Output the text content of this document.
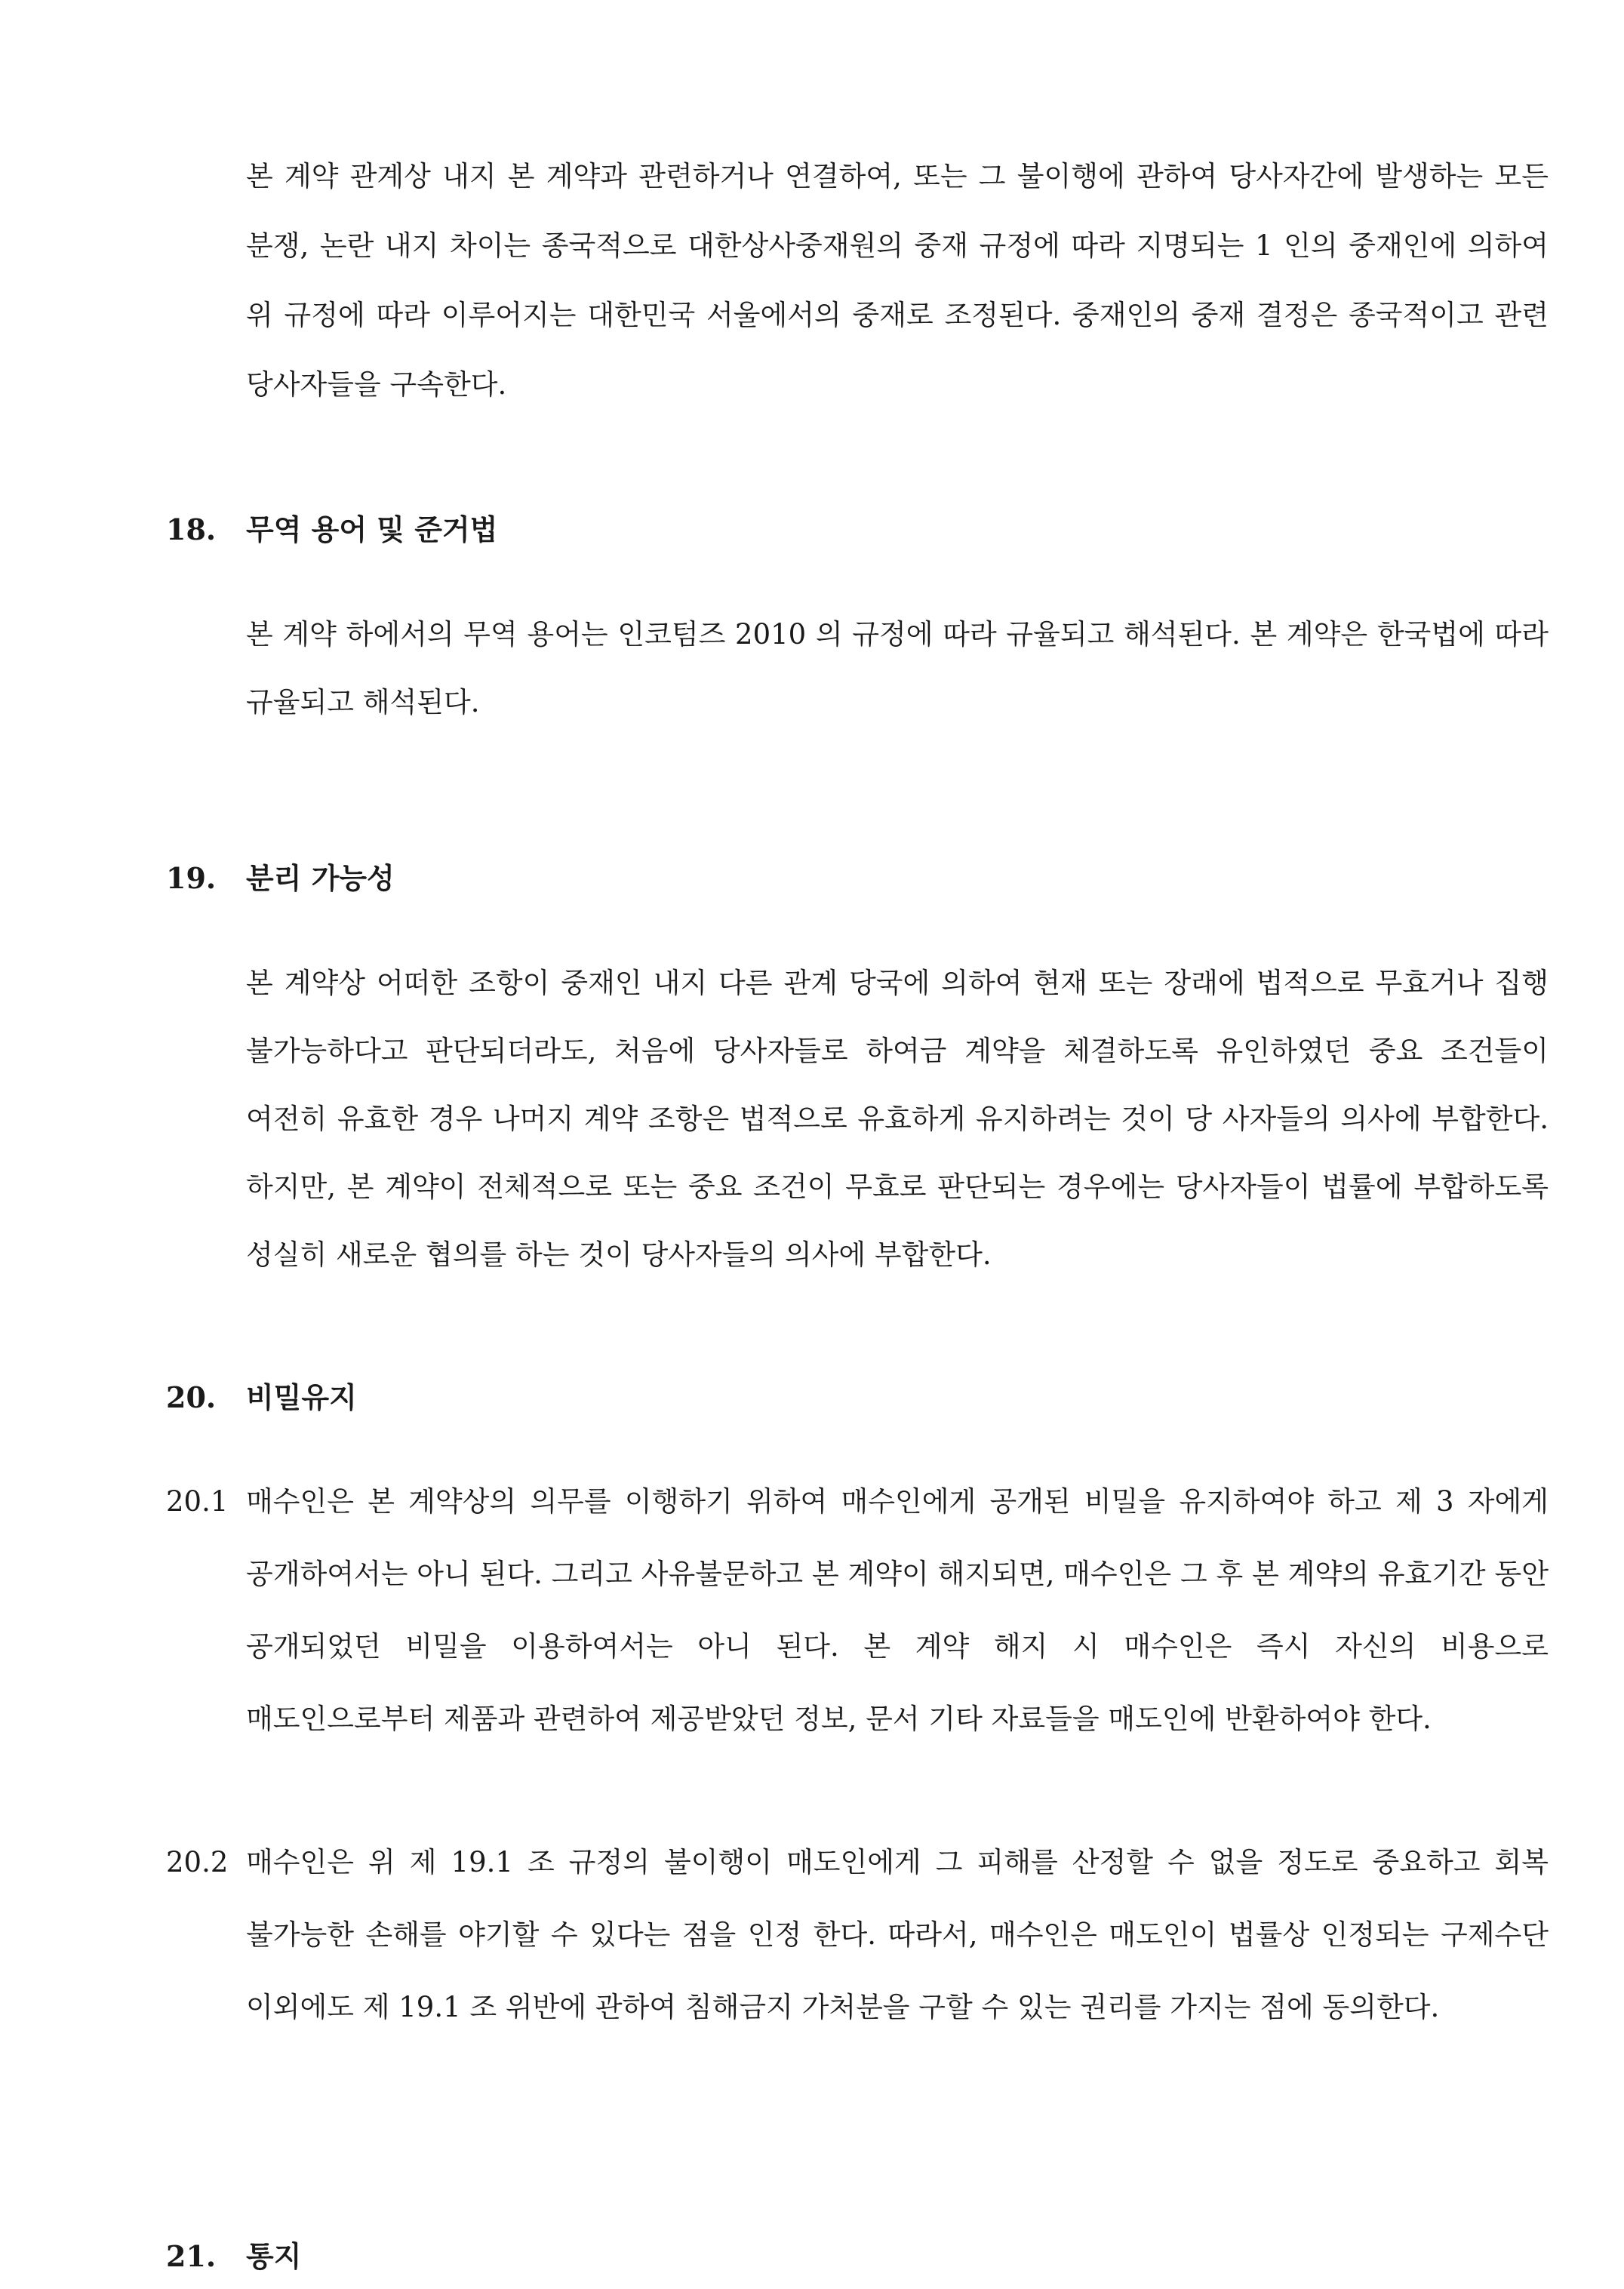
본 계약 관계상 내지 본 계약과 관련하거나 연결하여, 또는 그 불이행에 관하여 당사자간에 발생하는 모든 분쟁, 논란 내지 차이는 종국적으로 대한상사중재원의 중재 규정에 따라 지명되는 1 인의 중재인에 의하여 위 규정에 따라 이루어지는 대한민국 서울에서의 중재로 조정된다. 중재인의 중재 결정은 종국적이고 관련 당사자들을 구속한다.

18. 무역 용어 및 준거법

본 계약 하에서의 무역 용어는 인코텀즈 2010 의 규정에 따라 규율되고 해석된다. 본 계약은 한국법에 따라 규율되고 해석된다.

19. 분리 가능성

본 계약상 어떠한 조항이 중재인 내지 다른 관계 당국에 의하여 현재 또는 장래에 법적으로 무효거나 집행 불가능하다고 판단되더라도, 처음에 당사자들로 하여금 계약을 체결하도록 유인하였던 중요 조건들이 여전히 유효한 경우 나머지 계약 조항은 법적으로 유효하게 유지하려는 것이 당 사자들의 의사에 부합한다. 하지만, 본 계약이 전체적으로 또는 중요 조건이 무효로 판단되는 경우에는 당사자들이 법률에 부합하도록 성실히 새로운 협의를 하는 것이 당사자들의 의사에 부합한다.

20. 비밀유지
20.1 매수인은 본 계약상의 의무를 이행하기 위하여 매수인에게 공개된 비밀을 유지하여야 하고 제 3 자에게 공개하여서는 아니 된다. 그리고 사유불문하고 본 계약이 해지되면, 매수인은 그 후 본 계약의 유효기간 동안 공개되었던 비밀을 이용하여서는 아니 된다. 본 계약 해지 시 매수인은 즉시 자신의 비용으로 매도인으로부터 제품과 관련하여 제공받았던 정보, 문서 기타 자료들을 매도인에 반환하여야 한다.
20.2 매수인은 위 제 19.1 조 규정의 불이행이 매도인에게 그 피해를 산정할 수 없을 정도로 중요하고 회복 불가능한 손해를 야기할 수 있다는 점을 인정 한다. 따라서, 매수인은 매도인이 법률상 인정되는 구제수단 이외에도 제 19.1 조 위반에 관하여 침해금지 가처분을 구할 수 있는 권리를 가지는 점에 동의한다.
21. 통지
